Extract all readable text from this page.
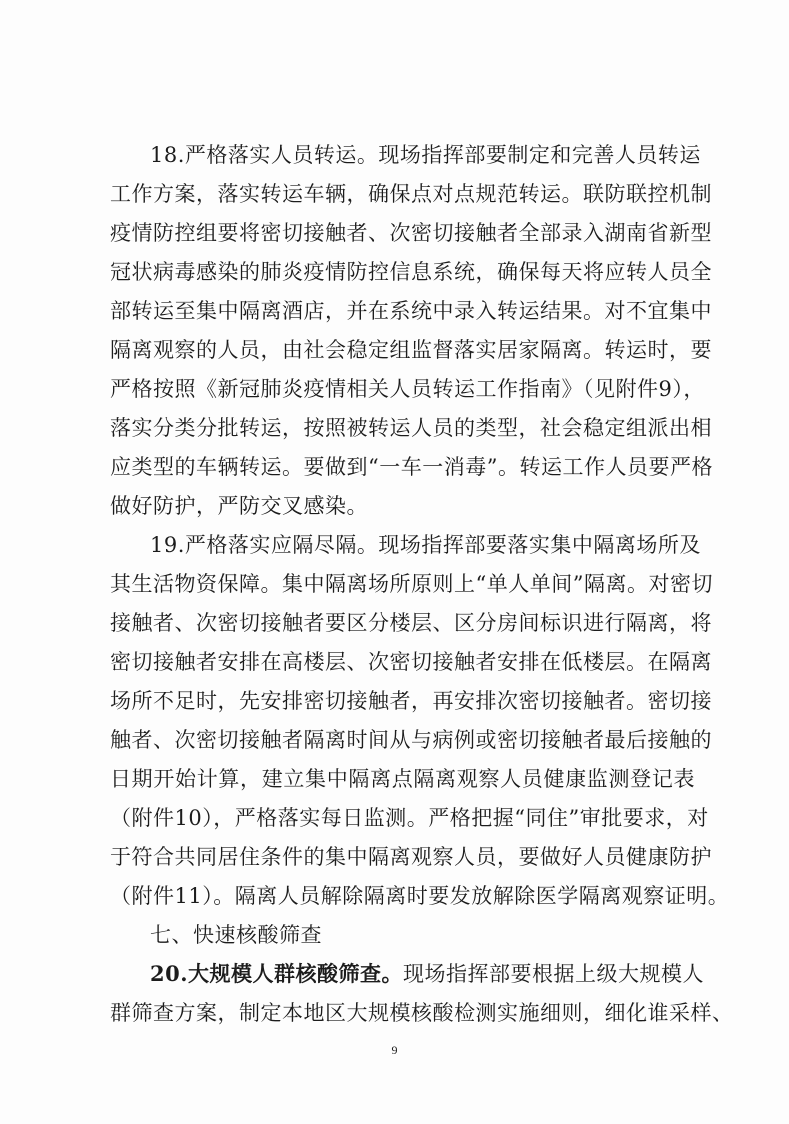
18.严格落实人员转运。现场指挥部要制定和完善人员转运
工作方案，落实转运车辆，确保点对点规范转运。联防联控机制
疫情防控组要将密切接触者、次密切接触者全部录入湖南省新型
冠状病毒感染的肺炎疫情防控信息系统，确保每天将应转人员全
部转运至集中隔离酒店，并在系统中录入转运结果。对不宜集中
隔离观察的人员，由社会稳定组监督落实居家隔离。转运时，要
严格按照《新冠肺炎疫情相关人员转运工作指南》（见附件9），
落实分类分批转运，按照被转运人员的类型，社会稳定组派出相
应类型的车辆转运。要做到“一车一消毒”。转运工作人员要严格
做好防护，严防交叉感染。
19.严格落实应隔尽隔。现场指挥部要落实集中隔离场所及
其生活物资保障。集中隔离场所原则上“单人单间”隔离。对密切
接触者、次密切接触者要区分楼层、区分房间标识进行隔离，将
密切接触者安排在高楼层、次密切接触者安排在低楼层。在隔离
场所不足时，先安排密切接触者，再安排次密切接触者。密切接
触者、次密切接触者隔离时间从与病例或密切接触者最后接触的
日期开始计算，建立集中隔离点隔离观察人员健康监测登记表
（附件10），严格落实每日监测。严格把握“同住”审批要求，对
于符合共同居住条件的集中隔离观察人员，要做好人员健康防护
（附件11）。隔离人员解除隔离时要发放解除医学隔离观察证明。
七、快速核酸筛查
20.大规模人群核酸筛查。现场指挥部要根据上级大规模人
群筛查方案，制定本地区大规模核酸检测实施细则，细化谁采样、
9
